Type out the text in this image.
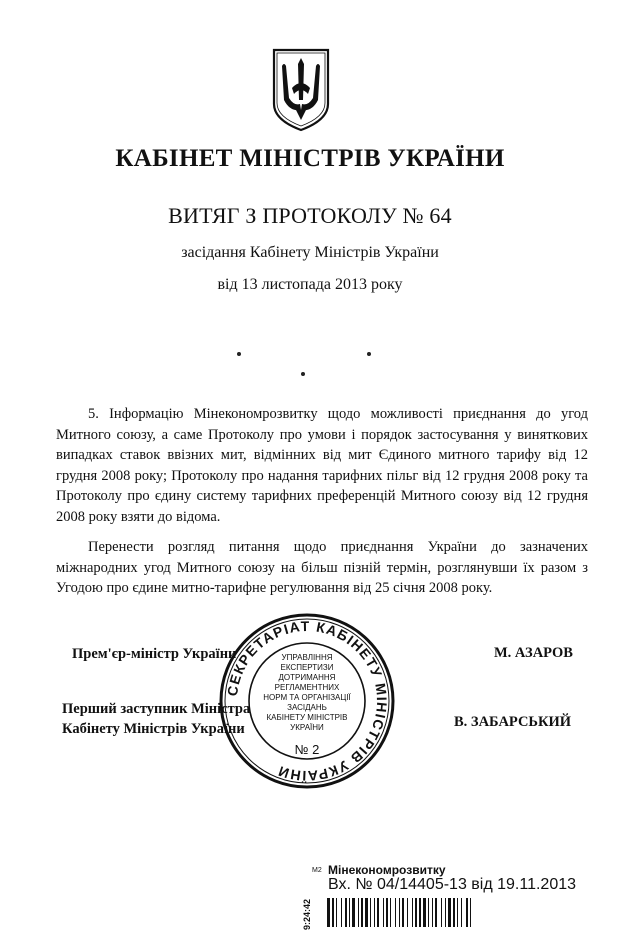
КАБІНЕТ МІНІСТРІВ УКРАЇНИ
ВИТЯГ З ПРОТОКОЛУ № 64
засідання Кабінету Міністрів України
від 13 листопада 2013 року

5. Інформацію Мінекономрозвитку щодо можливості приєднання до угод Митного союзу, а саме Протоколу про умови і порядок застосування у виняткових випадках ставок ввізних мит, відмінних від мит Єдиного митного тарифу від 12 грудня 2008 року; Протоколу про надання тарифних пільг від 12 грудня 2008 року та Протоколу про єдину систему тарифних преференцій Митного союзу від 12 грудня 2008 року взяти до відома.

Перенести розгляд питання щодо приєднання України до зазначених міжнародних угод Митного союзу на більш пізній термін, розглянувши їх разом з Угодою про єдине митно-тарифне регулювання від 25 січня 2008 року.

Прем'єр-міністр України	М. АЗАРОВ
Перший заступник Міністра
Кабінету Міністрів України	В. ЗАБАРСЬКИЙ
СЕКРЕТАРІАТ КАБІНЕТУ МІНІСТРІВ УКРАЇНИ
УПРАВЛІННЯ
ЕКСПЕРТИЗИ
ДОТРИМАННЯ
РЕГЛАМЕНТНИХ
НОРМ ТА ОРГАНІЗАЦІЇ
ЗАСІДАНЬ
КАБІНЕТУ МІНІСТРІВ
УКРАЇНИ
№ 2
M2 Мінекономрозвитку
Вх. № 04/14405-13 від 19.11.2013
9:24:42
